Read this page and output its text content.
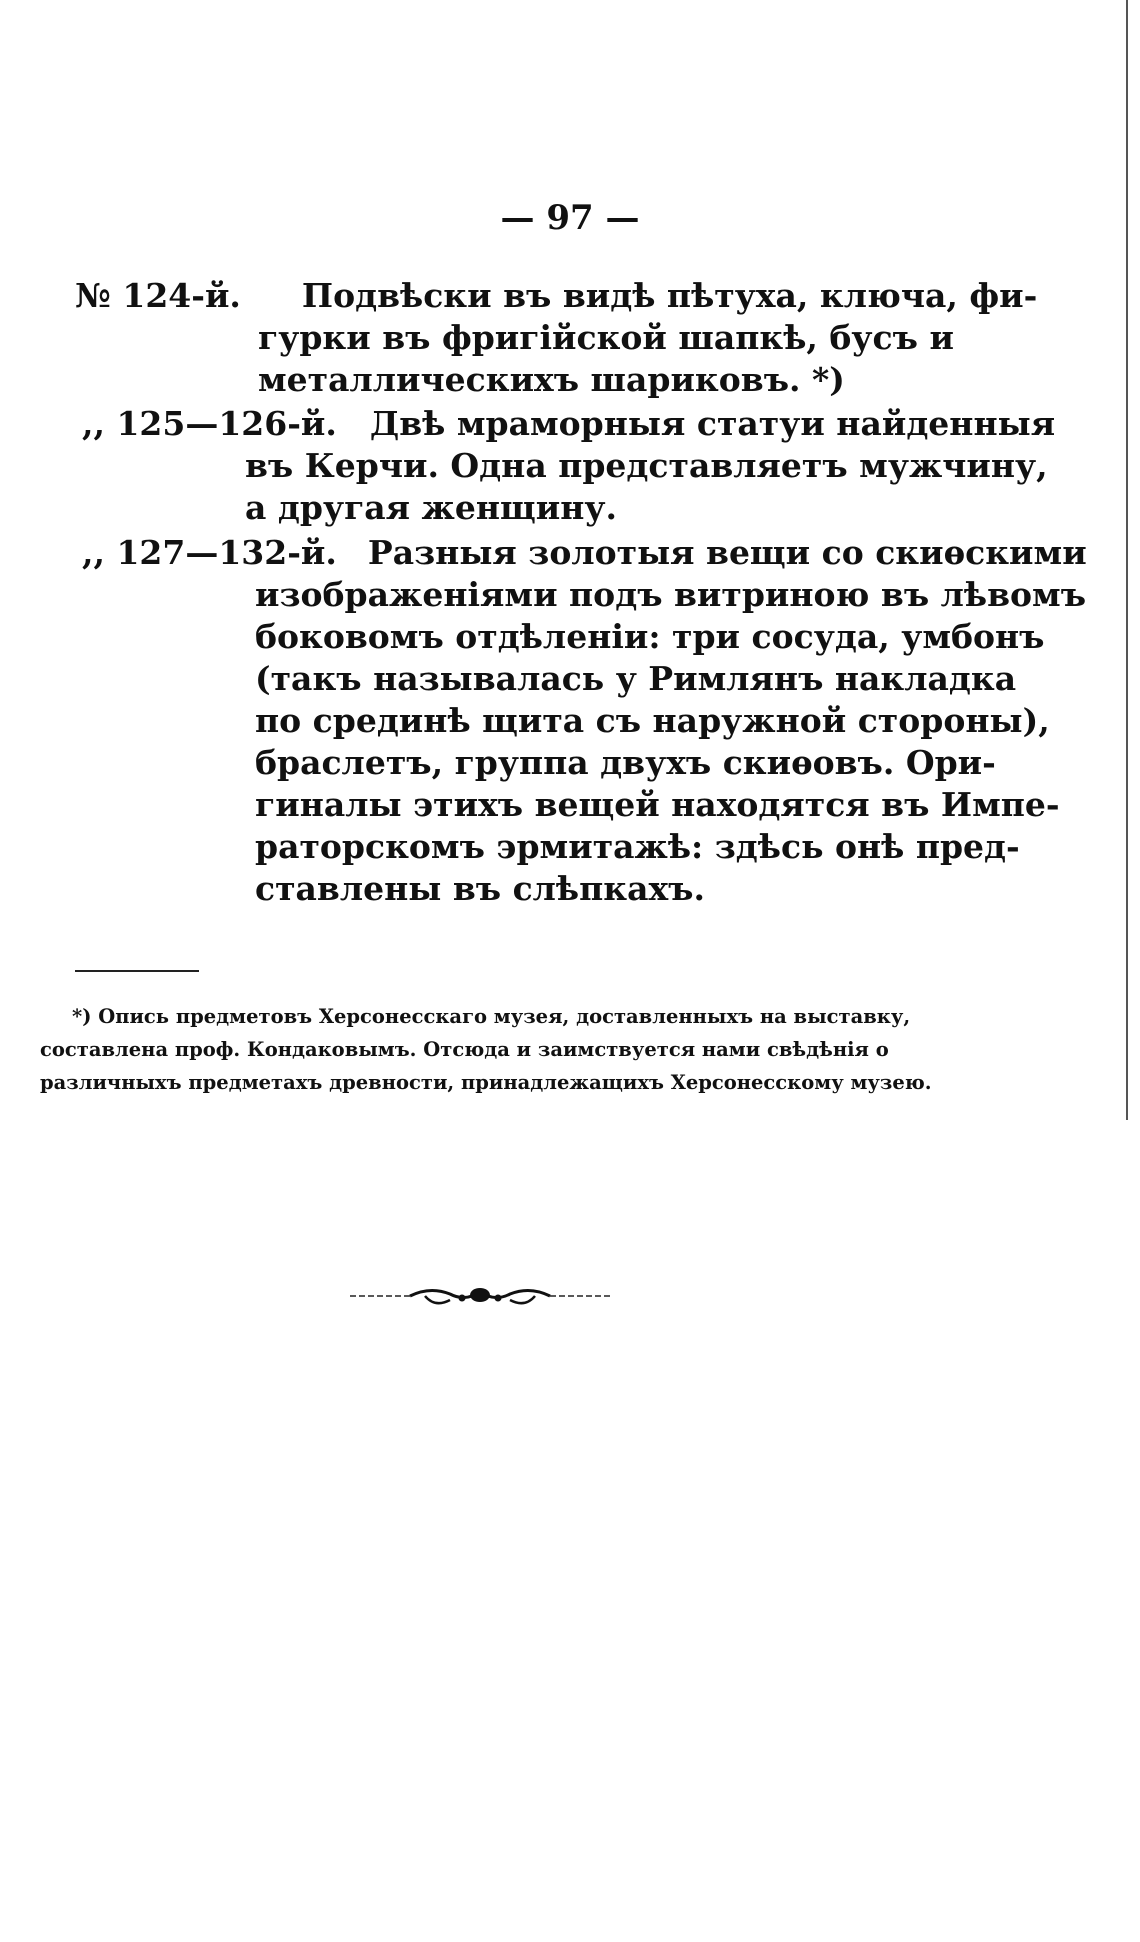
— 97 —
№ 124-й. Подвѣски въ видѣ пѣтуха, ключа, фи-
гурки въ фригійской шапкѣ, бусъ и
металлическихъ шариковъ. *)
,, 125—126-й. Двѣ мраморныя статуи найденныя
въ Керчи. Одна представляетъ мужчину,
а другая женщину.
,, 127—132-й. Разныя золотыя вещи со скиѳскими
изображеніями подъ витриною въ лѣвомъ
боковомъ отдѣленіи: три сосуда, умбонъ
(такъ называлась у Римлянъ накладка
по срединѣ щита съ наружной стороны),
браслетъ, группа двухъ скиѳовъ. Ори-
гиналы этихъ вещей находятся въ Импе-
раторскомъ эрмитажѣ: здѣсь онѣ пред-
ставлены въ слѣпкахъ.
*) Опись предметовъ Херсонесскаго музея, доставленныхъ на выставку,
составлена проф. Кондаковымъ. Отсюда и заимствуется нами свѣдѣнія о
различныхъ предметахъ древности, принадлежащихъ Херсонесскому музею.
